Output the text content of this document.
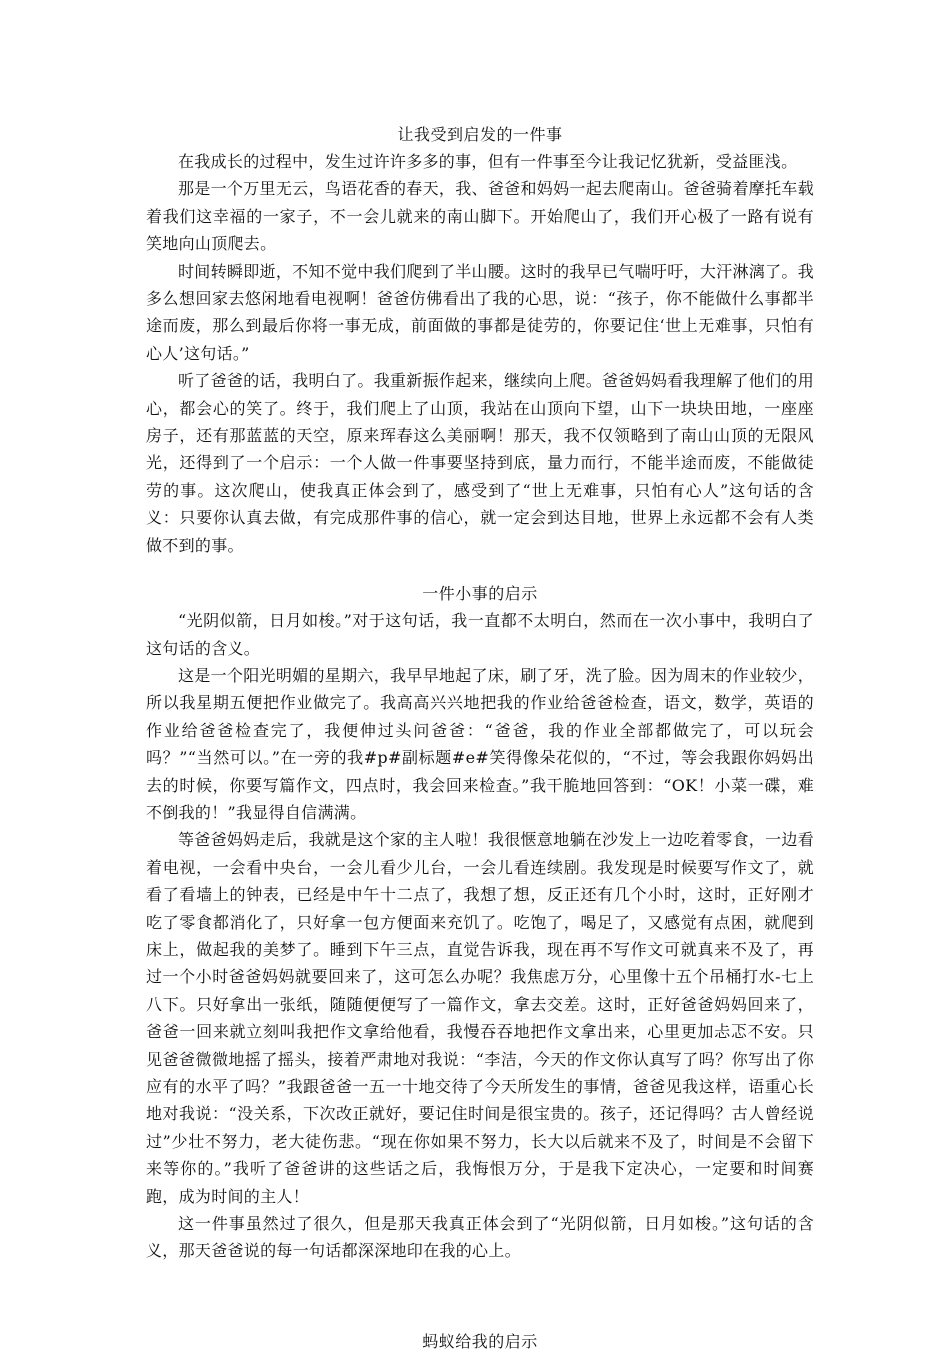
让我受到启发的一件事

在我成长的过程中，发生过许许多多的事，但有一件事至今让我记忆犹新，受益匪浅。

那是一个万里无云，鸟语花香的春天，我、爸爸和妈妈一起去爬南山。爸爸骑着摩托车载着我们这幸福的一家子，不一会儿就来的南山脚下。开始爬山了，我们开心极了一路有说有笑地向山顶爬去。

时间转瞬即逝，不知不觉中我们爬到了半山腰。这时的我早已气喘吁吁，大汗淋漓了。我多么想回家去悠闲地看电视啊！爸爸仿佛看出了我的心思，说：“孩子，你不能做什么事都半途而废，那么到最后你将一事无成，前面做的事都是徒劳的，你要记住‘世上无难事，只怕有心人’这句话。”

听了爸爸的话，我明白了。我重新振作起来，继续向上爬。爸爸妈妈看我理解了他们的用心，都会心的笑了。终于，我们爬上了山顶，我站在山顶向下望，山下一块块田地，一座座房子，还有那蓝蓝的天空，原来珲春这么美丽啊！那天，我不仅领略到了南山山顶的无限风光，还得到了一个启示：一个人做一件事要坚持到底，量力而行，不能半途而废，不能做徒劳的事。这次爬山，使我真正体会到了，感受到了“世上无难事，只怕有心人”这句话的含义：只要你认真去做，有完成那件事的信心，就一定会到达目地，世界上永远都不会有人类做不到的事。

一件小事的启示

“光阴似箭，日月如梭。”对于这句话，我一直都不太明白，然而在一次小事中，我明白了这句话的含义。

这是一个阳光明媚的星期六，我早早地起了床，刷了牙，洗了脸。因为周末的作业较少，所以我星期五便把作业做完了。我高高兴兴地把我的作业给爸爸检查，语文，数学，英语的作业给爸爸检查完了，我便伸过头问爸爸：“爸爸，我的作业全部都做完了，可以玩会吗？”“当然可以。”在一旁的我#p#副标题#e#笑得像朵花似的，“不过，等会我跟你妈妈出去的时候，你要写篇作文，四点时，我会回来检查。”我干脆地回答到：“OK！小菜一碟，难不倒我的！”我显得自信满满。

等爸爸妈妈走后，我就是这个家的主人啦！我很惬意地躺在沙发上一边吃着零食，一边看着电视，一会看中央台，一会儿看少儿台，一会儿看连续剧。我发现是时候要写作文了，就看了看墙上的钟表，已经是中午十二点了，我想了想，反正还有几个小时，这时，正好刚才吃了零食都消化了，只好拿一包方便面来充饥了。吃饱了，喝足了，又感觉有点困，就爬到床上，做起我的美梦了。睡到下午三点，直觉告诉我，现在再不写作文可就真来不及了，再过一个小时爸爸妈妈就要回来了，这可怎么办呢？我焦虑万分，心里像十五个吊桶打水-七上八下。只好拿出一张纸，随随便便写了一篇作文，拿去交差。这时，正好爸爸妈妈回来了，爸爸一回来就立刻叫我把作文拿给他看，我慢吞吞地把作文拿出来，心里更加忐忑不安。只见爸爸微微地摇了摇头，接着严肃地对我说：“李洁，今天的作文你认真写了吗？你写出了你应有的水平了吗？”我跟爸爸一五一十地交待了今天所发生的事情，爸爸见我这样，语重心长地对我说：“没关系，下次改正就好，要记住时间是很宝贵的。孩子，还记得吗？古人曾经说过”少壮不努力，老大徒伤悲。“现在你如果不努力，长大以后就来不及了，时间是不会留下来等你的。”我听了爸爸讲的这些话之后，我悔恨万分，于是我下定决心，一定要和时间赛跑，成为时间的主人！

这一件事虽然过了很久，但是那天我真正体会到了“光阴似箭，日月如梭。”这句话的含义，那天爸爸说的每一句话都深深地印在我的心上。

蚂蚁给我的启示
